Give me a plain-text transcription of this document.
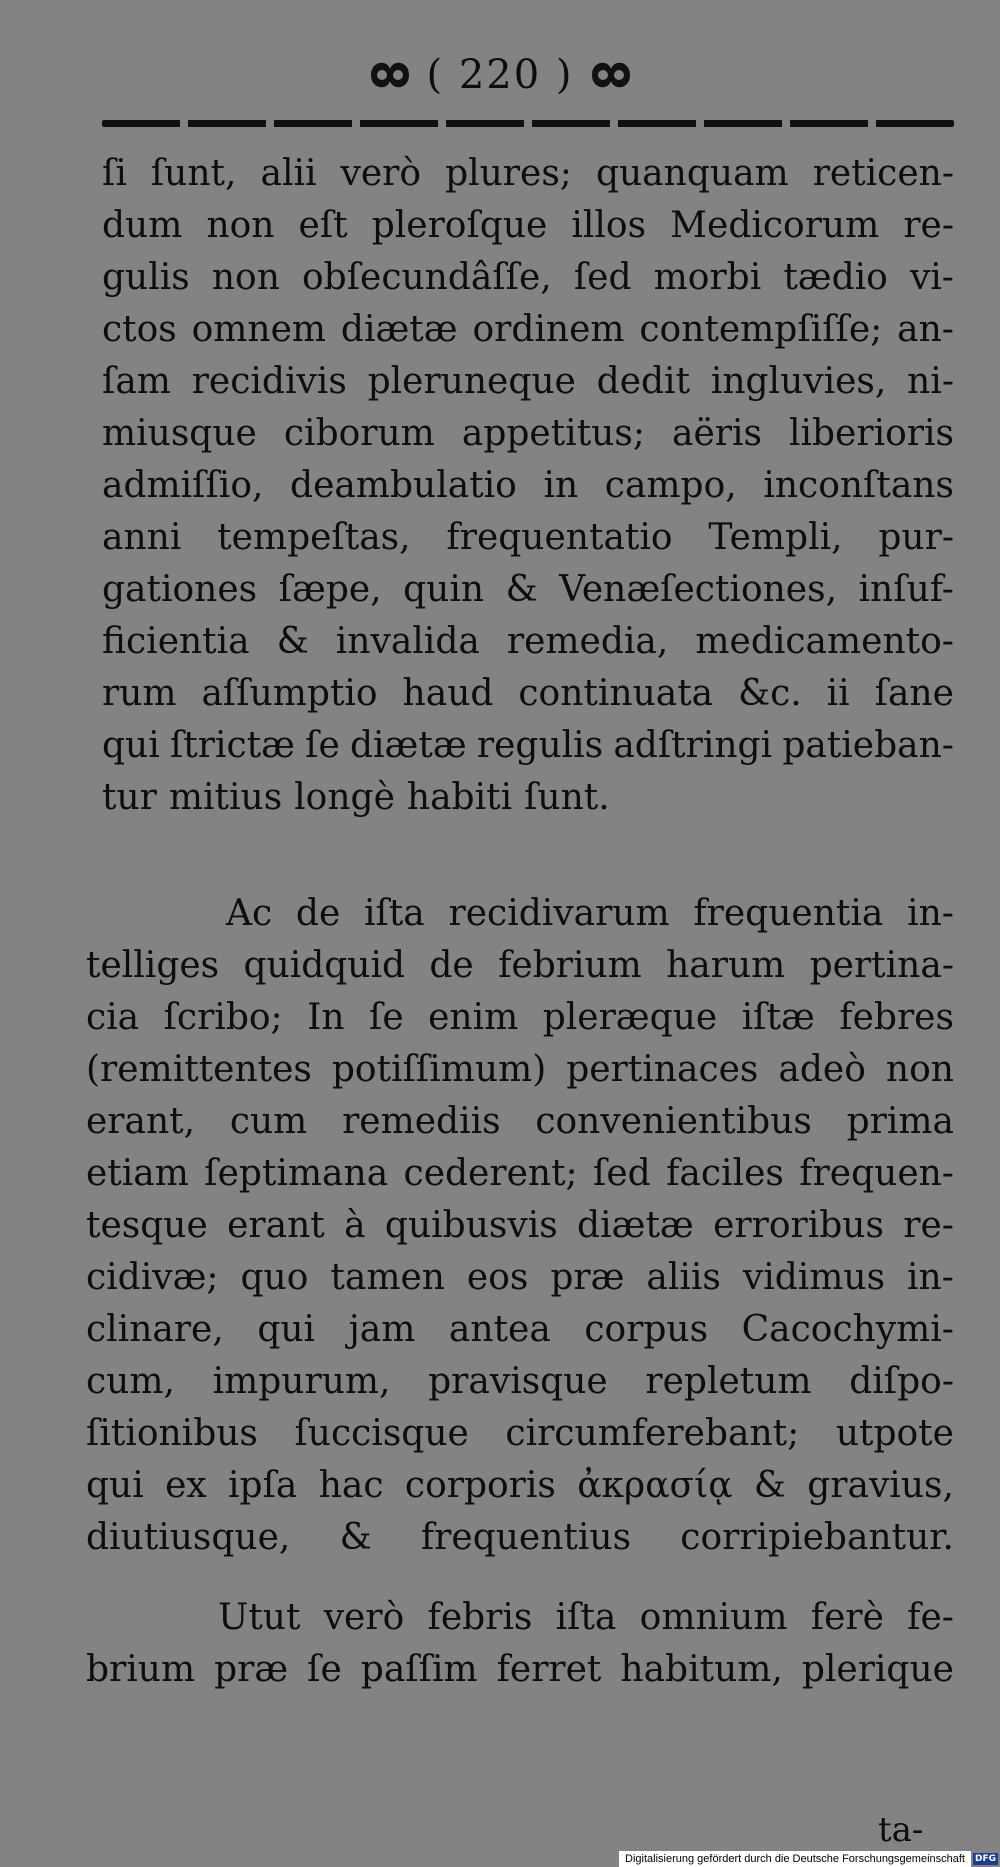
( 220 )
ſi ſunt, alii verò plures; quanquam reticen-
dum non eſt pleroſque illos Medicorum re-
gulis non obſecundâſſe, ſed morbi tædio vi-
ctos omnem diætæ ordinem contempſiſſe; an-
ſam recidivis pleruneque dedit ingluvies, ni-
miusque ciborum appetitus; aëris liberioris
admiſſio, deambulatio in campo, inconſtans
anni tempeſtas, frequentatio Templi, pur-
gationes ſæpe, quin & Venæſectiones, inſuf-
ficientia & invalida remedia, medicamento-
rum aſſumptio haud continuata &c. ii ſane
qui ſtrictæ ſe diætæ regulis adſtringi patieban-
tur mitius longè habiti ſunt.
Ac de iſta recidivarum frequentia in-
telliges quidquid de febrium harum pertina-
cia ſcribo; In ſe enim pleræque iſtæ febres
(remittentes potiſſimum) pertinaces adeò non
erant, cum remediis convenientibus prima
etiam ſeptimana cederent; ſed faciles frequen-
tesque erant à quibusvis diætæ erroribus re-
cidivæ; quo tamen eos præ aliis vidimus in-
clinare, qui jam antea corpus Cacochymi-
cum, impurum, pravisque repletum diſpo-
ſitionibus ſuccisque circumferebant; utpote
qui ex ipſa hac corporis ἀκρασίᾳ & gravius,
diutiusque, & frequentius corripiebantur.
Utut verò febris iſta omnium ferè fe-
brium præ ſe paſſim ferret habitum, plerique
ta-
Digitalisierung gefördert durch die Deutsche Forschungsgemeinschaft	DFG
